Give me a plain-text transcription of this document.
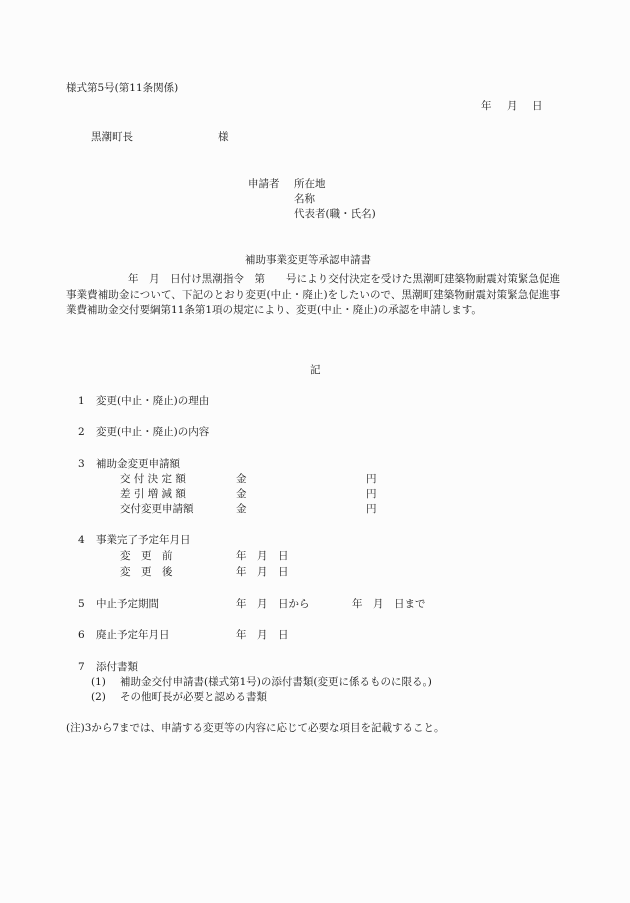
様式第5号(第11条関係)
年 月 日
黒潮町長	様
申請者 所在地
名称
代表者(職・氏名)
補助事業変更等承認申請書
年　月　日付け黒潮指令　第　　号により交付決定を受けた黒潮町建築物耐震対策緊急促進事業費補助金について、下記のとおり変更(中止・廃止)をしたいので、黒潮町建築物耐震対策緊急促進事業費補助金交付要綱第11条第1項の規定により、変更(中止・廃止)の承認を申請します。
記
1 変更(中止・廃止)の理由
2 変更(中止・廃止)の内容
3 補助金変更申請額
交 付 決 定 額	金	円
差 引 増 減 額	金	円
交付変更申請額	金	円
4 事業完了予定年月日
変　更　前	年　月　日
変　更　後	年　月　日
5 中止予定期間	年　月　日から	年　月　日まで
6 廃止予定年月日	年　月　日
7 添付書類
(1) 補助金交付申請書(様式第1号)の添付書類(変更に係るものに限る。)
(2) その他町長が必要と認める書類
(注)3から7までは、申請する変更等の内容に応じて必要な項目を記載すること。
